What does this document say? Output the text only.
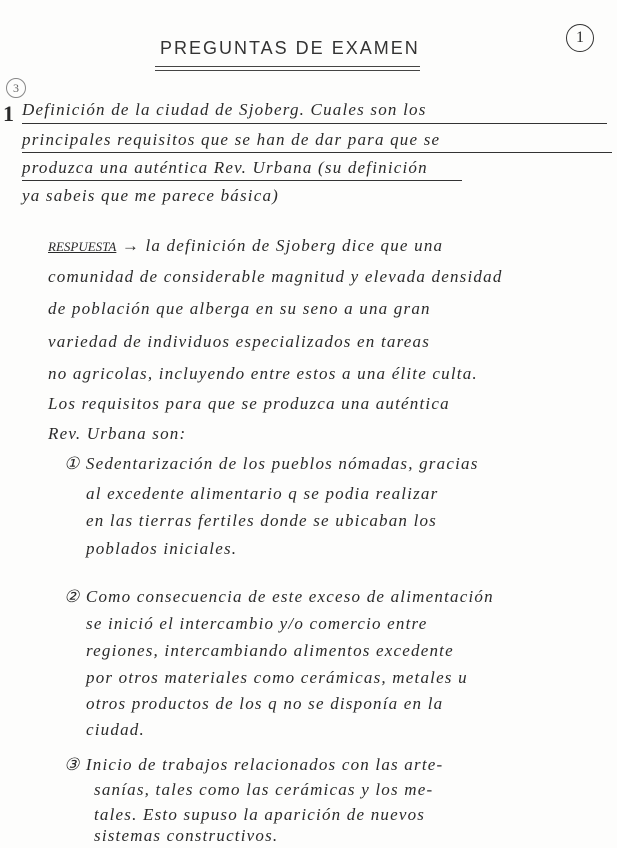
1
PREGUNTAS DE EXAMEN
3
1 Definición de la ciudad de Sjoberg. Cuales son los
principales requisitos que se han de dar para que se
produzca una auténtica Rev. Urbana (su definición
ya sabeis que me parece básica)
RESPUESTA → la definición de Sjoberg dice que una
comunidad de considerable magnitud y elevada densidad
de población que alberga en su seno a una gran
variedad de individuos especializados en tareas
no agricolas, incluyendo entre estos a una élite culta.
Los requisitos para que se produzca una auténtica
Rev. Urbana son:
① Sedentarización de los pueblos nómadas, gracias
al excedente alimentario q se podia realizar
en las tierras fertiles donde se ubicaban los
poblados iniciales.
② Como consecuencia de este exceso de alimentación
se inició el intercambio y/o comercio entre
regiones, intercambiando alimentos excedente
por otros materiales como cerámicas, metales u
otros productos de los q no se disponía en la
ciudad.
③ Inicio de trabajos relacionados con las arte-
sanías, tales como las cerámicas y los me-
tales. Esto supuso la aparición de nuevos
sistemas constructivos.
